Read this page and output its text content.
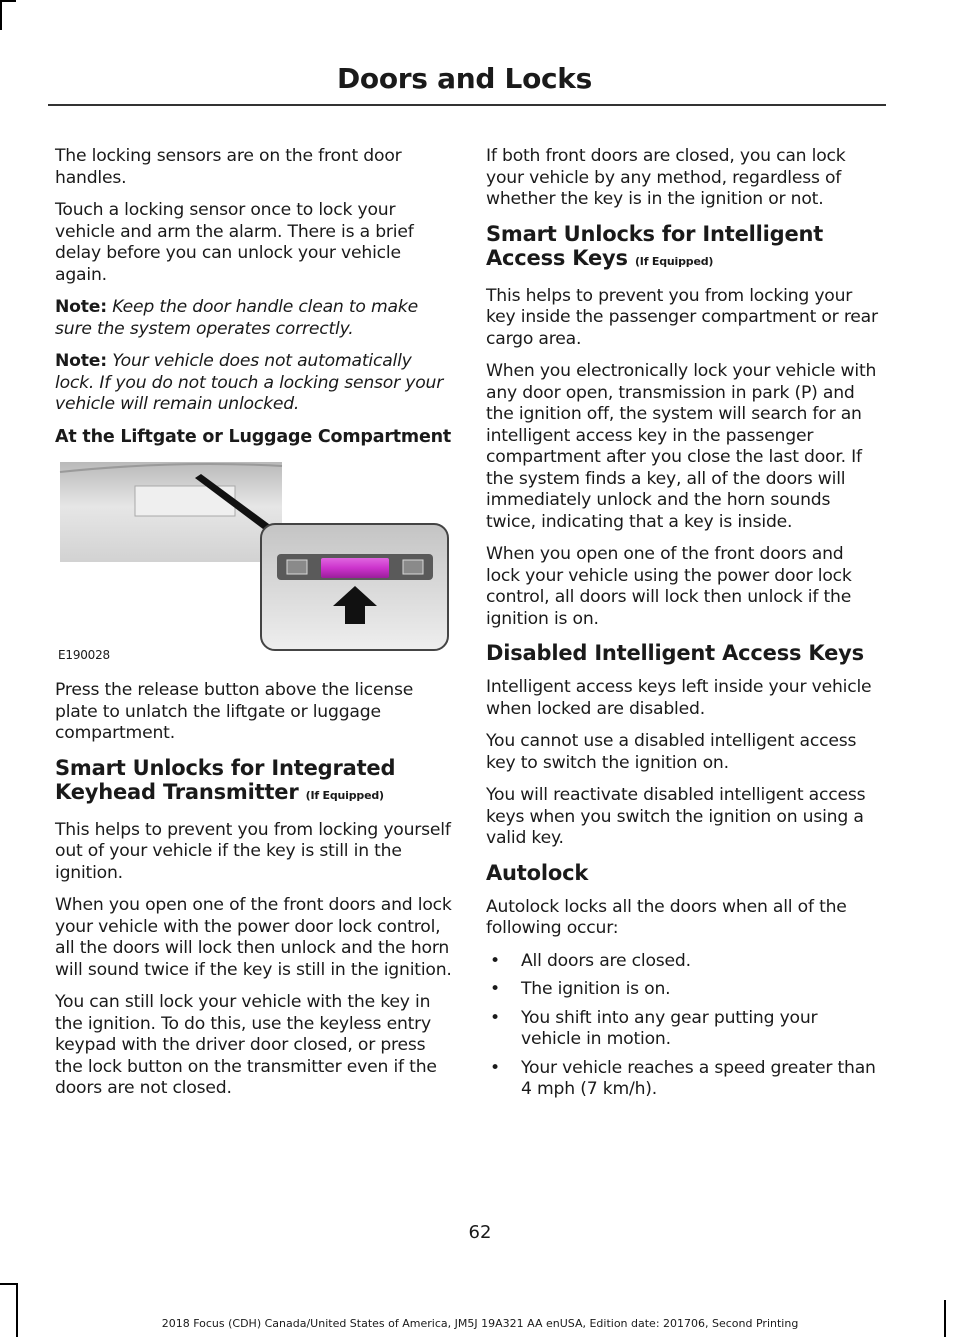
Doors and Locks

The locking sensors are on the front door handles.

Touch a locking sensor once to lock your vehicle and arm the alarm. There is a brief delay before you can unlock your vehicle again.

Note: Keep the door handle clean to make sure the system operates correctly.

Note: Your vehicle does not automatically lock. If you do not touch a locking sensor your vehicle will remain unlocked.

At the Liftgate or Luggage Compartment
E190028

Press the release button above the license plate to unlatch the liftgate or luggage compartment.

Smart Unlocks for Integrated Keyhead Transmitter (If Equipped)

This helps to prevent you from locking yourself out of your vehicle if the key is still in the ignition.

When you open one of the front doors and lock your vehicle with the power door lock control, all the doors will lock then unlock and the horn will sound twice if the key is still in the ignition.

You can still lock your vehicle with the key in the ignition. To do this, use the keyless entry keypad with the driver door closed, or press the lock button on the transmitter even if the doors are not closed.

If both front doors are closed, you can lock your vehicle by any method, regardless of whether the key is in the ignition or not.

Smart Unlocks for Intelligent Access Keys (If Equipped)

This helps to prevent you from locking your key inside the passenger compartment or rear cargo area.

When you electronically lock your vehicle with any door open, transmission in park (P) and the ignition off, the system will search for an intelligent access key in the passenger compartment after you close the last door. If the system finds a key, all of the doors will immediately unlock and the horn sounds twice, indicating that a key is inside.

When you open one of the front doors and lock your vehicle using the power door lock control, all doors will lock then unlock if the ignition is on.

Disabled Intelligent Access Keys

Intelligent access keys left inside your vehicle when locked are disabled.

You cannot use a disabled intelligent access key to switch the ignition on.

You will reactivate disabled intelligent access keys when you switch the ignition on using a valid key.

Autolock

Autolock locks all the doors when all of the following occur:

• All doors are closed.
• The ignition is on.
• You shift into any gear putting your vehicle in motion.
• Your vehicle reaches a speed greater than 4 mph (7 km/h).
62
2018 Focus (CDH) Canada/United States of America, JM5J 19A321 AA enUSA, Edition date: 201706, Second Printing
